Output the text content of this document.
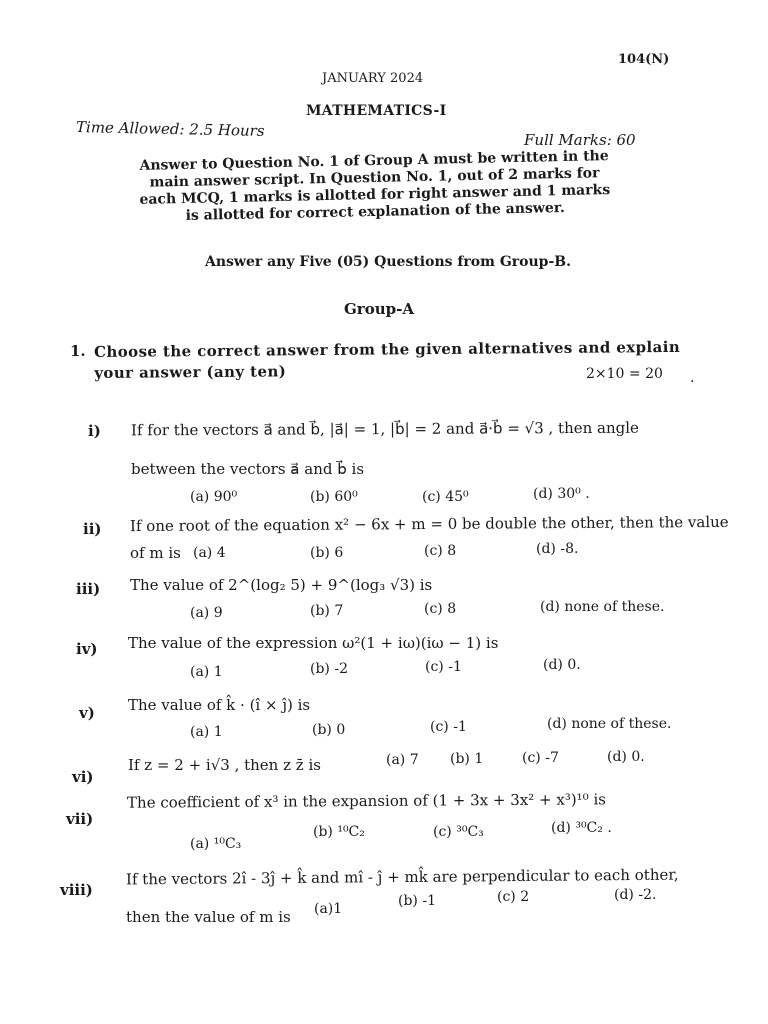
104(N)
JANUARY 2024
MATHEMATICS-I
Time Allowed: 2.5 Hours
Full Marks: 60
Answer to Question No. 1 of Group A must be written in the main answer script. In Question No. 1, out of 2 marks for each MCQ, 1 marks is allotted for right answer and 1 marks is allotted for correct explanation of the answer.
Answer any Five (05) Questions from Group-B.
Group-A
1. Choose the correct answer from the given alternatives and explain your answer (any ten)	2×10 = 20 .
i) If for the vectors a⃗ and b⃗, |a⃗| = 1, |b⃗| = 2 and a⃗·b⃗ = √3 , then angle
between the vectors a⃗ and b⃗ is
(a) 90⁰	(b) 60⁰	(c) 45⁰	(d) 30⁰ .
ii) If one root of the equation x² − 6x + m = 0 be double the other, then the value
of m is (a) 4	(b) 6	(c) 8	(d) -8.
iii) The value of 2^(log₂ 5) + 9^(log₃ √3) is
(a) 9	(b) 7	(c) 8	(d) none of these.
iv) The value of the expression ω²(1 + iω)(iω − 1) is
(a) 1	(b) -2	(c) -1	(d) 0.
v) The value of k̂ · (î × ĵ) is
(a) 1	(b) 0	(c) -1	(d) none of these.
vi)
If z = 2 + i√3 , then z z̄ is	(a) 7 (b) 1	(c) -7	(d) 0.
vii)
The coefficient of x³ in the expansion of (1 + 3x + 3x² + x³)¹⁰ is
(a) ¹⁰C₃
(b) ¹⁰C₂	(c) ³⁰C₃	(d) ³⁰C₂ .
viii)
If the vectors 2î - 3ĵ + k̂ and mî - ĵ + mk̂ are perpendicular to each other,
then the value of m is (a)1	(b) -1	(c) 2	(d) -2.
